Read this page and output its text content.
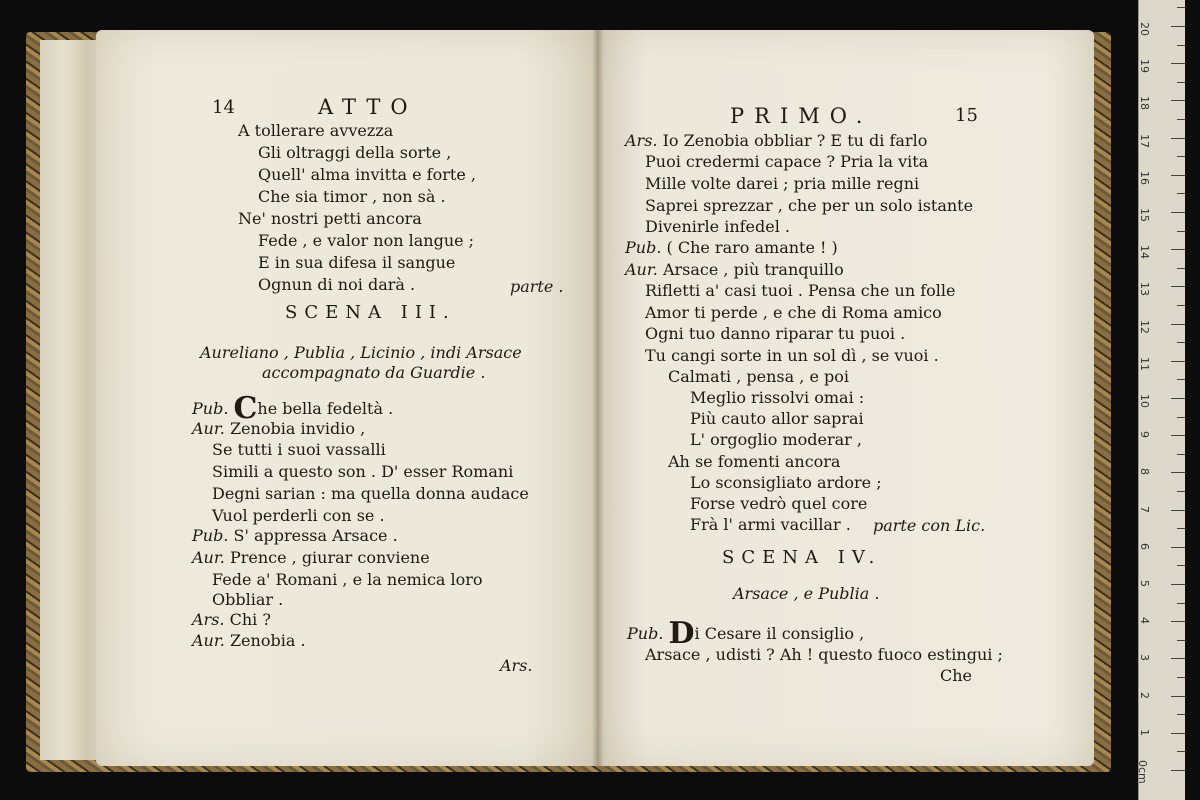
14	ATTO
A tollerare avvezza
Gli oltraggi della sorte ,
Quell' alma invitta e forte ,
Che sia timor , non sà .
Ne' nostri petti ancora
Fede , e valor non langue ;
E in sua difesa il sangue
Ognun di noi darà .	parte .
SCENA III.
Aureliano , Publia , Licinio , indi Arsace
accompagnato da Guardie .
Pub. Che bella fedeltà .
Aur. Zenobia invidio ,
Se tutti i suoi vassalli
Simili a questo son . D' esser Romani
Degni sarian : ma quella donna audace
Vuol perderli con se .
Pub. S' appressa Arsace .
Aur. Prence , giurar conviene
Fede a' Romani , e la nemica loro
Obbliar .
Ars. Chi ?
Aur. Zenobia .
Ars.
PRIMO.	15
Ars. Io Zenobia obbliar ? E tu di farlo
Puoi credermi capace ? Pria la vita
Mille volte darei ; pria mille regni
Saprei sprezzar , che per un solo istante
Divenirle infedel .
Pub. ( Che raro amante ! )
Aur. Arsace , più tranquillo
Rifletti a' casi tuoi . Pensa che un folle
Amor ti perde , e che di Roma amico
Ogni tuo danno riparar tu puoi .
Tu cangi sorte in un sol dì , se vuoi .
Calmati , pensa , e poi
Meglio rissolvi omai :
Più cauto allor saprai
L' orgoglio moderar ,
Ah se fomenti ancora
Lo sconsigliato ardore ;
Forse vedrò quel core
Frà l' armi vacillar . parte con Lic.
SCENA IV.
Arsace , e Publia .
Pub. Di Cesare il consiglio ,
Arsace , udisti ? Ah ! questo fuoco estingui ;
Che
0cm
1
2
3
4
5
6
7
8
9
10
11
12
13
14
15
16
17
18
19
20
